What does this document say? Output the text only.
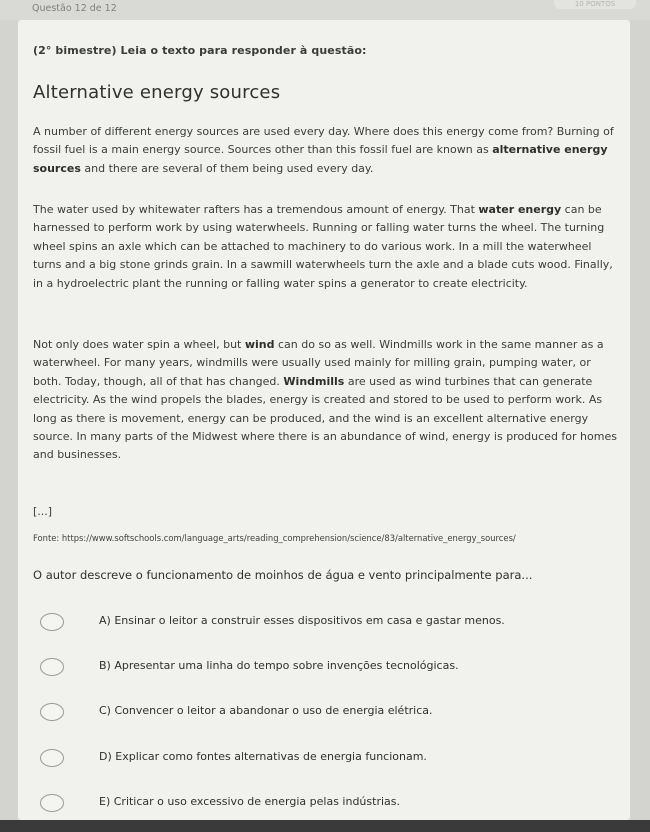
Questão 12 de 12	10 PONTOS
(2° bimestre) Leia o texto para responder à questão:
Alternative energy sources

A number of different energy sources are used every day. Where does this energy come from? Burning of fossil fuel is a main energy source. Sources other than this fossil fuel are known as alternative energy sources and there are several of them being used every day.

The water used by whitewater rafters has a tremendous amount of energy. That water energy can be harnessed to perform work by using waterwheels. Running or falling water turns the wheel. The turning wheel spins an axle which can be attached to machinery to do various work. In a mill the waterwheel turns and a big stone grinds grain. In a sawmill waterwheels turn the axle and a blade cuts wood. Finally, in a hydroelectric plant the running or falling water spins a generator to create electricity.

Not only does water spin a wheel, but wind can do so as well. Windmills work in the same manner as a waterwheel. For many years, windmills were usually used mainly for milling grain, pumping water, or both. Today, though, all of that has changed. Windmills are used as wind turbines that can generate electricity. As the wind propels the blades, energy is created and stored to be used to perform work. As long as there is movement, energy can be produced, and the wind is an excellent alternative energy source. In many parts of the Midwest where there is an abundance of wind, energy is produced for homes and businesses.

[...]

Fonte: https://www.softschools.com/language_arts/reading_comprehension/science/83/alternative_energy_sources/
O autor descreve o funcionamento de moinhos de água e vento principalmente para...
A) Ensinar o leitor a construir esses dispositivos em casa e gastar menos.
B) Apresentar uma linha do tempo sobre invenções tecnológicas.
C) Convencer o leitor a abandonar o uso de energia elétrica.
D) Explicar como fontes alternativas de energia funcionam.
E) Criticar o uso excessivo de energia pelas indústrias.
